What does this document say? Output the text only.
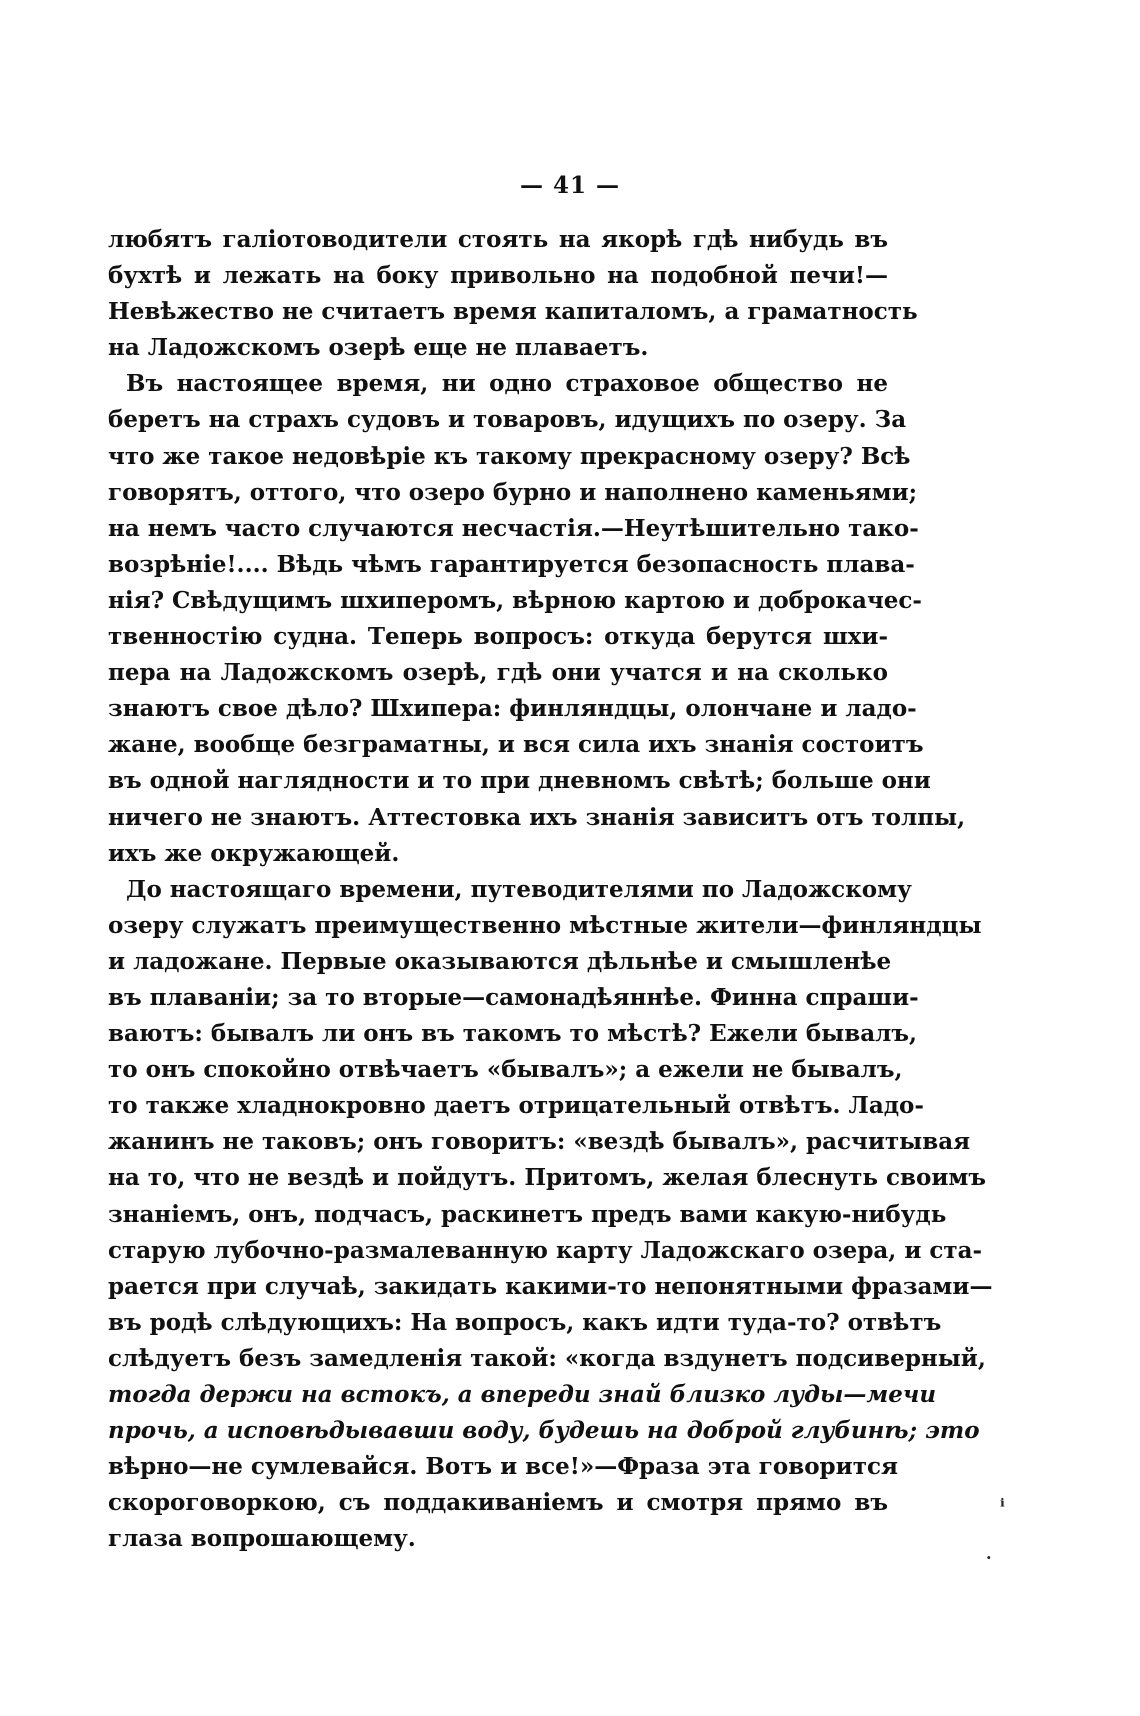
— 41 —
любятъ галіотоводители стоять на якорѣ гдѣ нибудь въ
бухтѣ и лежать на боку привольно на подобной печи!—
Невѣжество не считаетъ время капиталомъ, а граматность
на Ладожскомъ озерѣ еще не плаваетъ.
Въ настоящее время, ни одно страховое общество не
беретъ на страхъ судовъ и товаровъ, идущихъ по озеру. За
что же такое недовѣріе къ такому прекрасному озеру? Всѣ
говорятъ, оттого, что озеро бурно и наполнено каменьями;
на немъ часто случаются несчастія.—Неутѣшительно тако-
возрѣніе!.... Вѣдь чѣмъ гарантируется безопасность плава-
нія? Свѣдущимъ шхиперомъ, вѣрною картою и доброкачес-
твенностію судна. Теперь вопросъ: откуда берутся шхи-
пера на Ладожскомъ озерѣ, гдѣ они учатся и на сколько
знаютъ свое дѣло? Шхипера: финляндцы, олончане и ладо-
жане, вообще безграматны, и вся сила ихъ знанія состоитъ
въ одной наглядности и то при дневномъ свѣтѣ; больше они
ничего не знаютъ. Аттестовка ихъ знанія зависитъ отъ толпы,
ихъ же окружающей.
До настоящаго времени, путеводителями по Ладожскому
озеру служатъ преимущественно мѣстные жители—финляндцы
и ладожане. Первые оказываются дѣльнѣе и смышленѣе
въ плаваніи; за то вторые—самонадѣяннѣе. Финна спраши-
ваютъ: бывалъ ли онъ въ такомъ то мѣстѣ? Ежели бывалъ,
то онъ спокойно отвѣчаетъ «бывалъ»; а ежели не бывалъ,
то также хладнокровно даетъ отрицательный отвѣтъ. Ладо-
жанинъ не таковъ; онъ говоритъ: «вездѣ бывалъ», расчитывая
на то, что не вездѣ и пойдутъ. Притомъ, желая блеснуть своимъ
знаніемъ, онъ, подчасъ, раскинетъ предъ вами какую-нибудь
старую лубочно-размалеванную карту Ладожскаго озера, и ста-
рается при случаѣ, закидать какими-то непонятными фразами—
въ родѣ слѣдующихъ: На вопросъ, какъ идти туда-то? отвѣтъ
слѣдуетъ безъ замедленія такой: «когда вздунетъ подсиверный,
тогда держи на встокъ, а впереди знай близко луды—мечи
прочь, а исповѣдывавши воду, будешь на доброй глубинѣ; это
вѣрно—не сумлевайся. Вотъ и все!»—Фраза эта говорится
скороговоркою, съ поддакиваніемъ и смотря прямо въ
глаза вопрошающему.
ⁱ
·
